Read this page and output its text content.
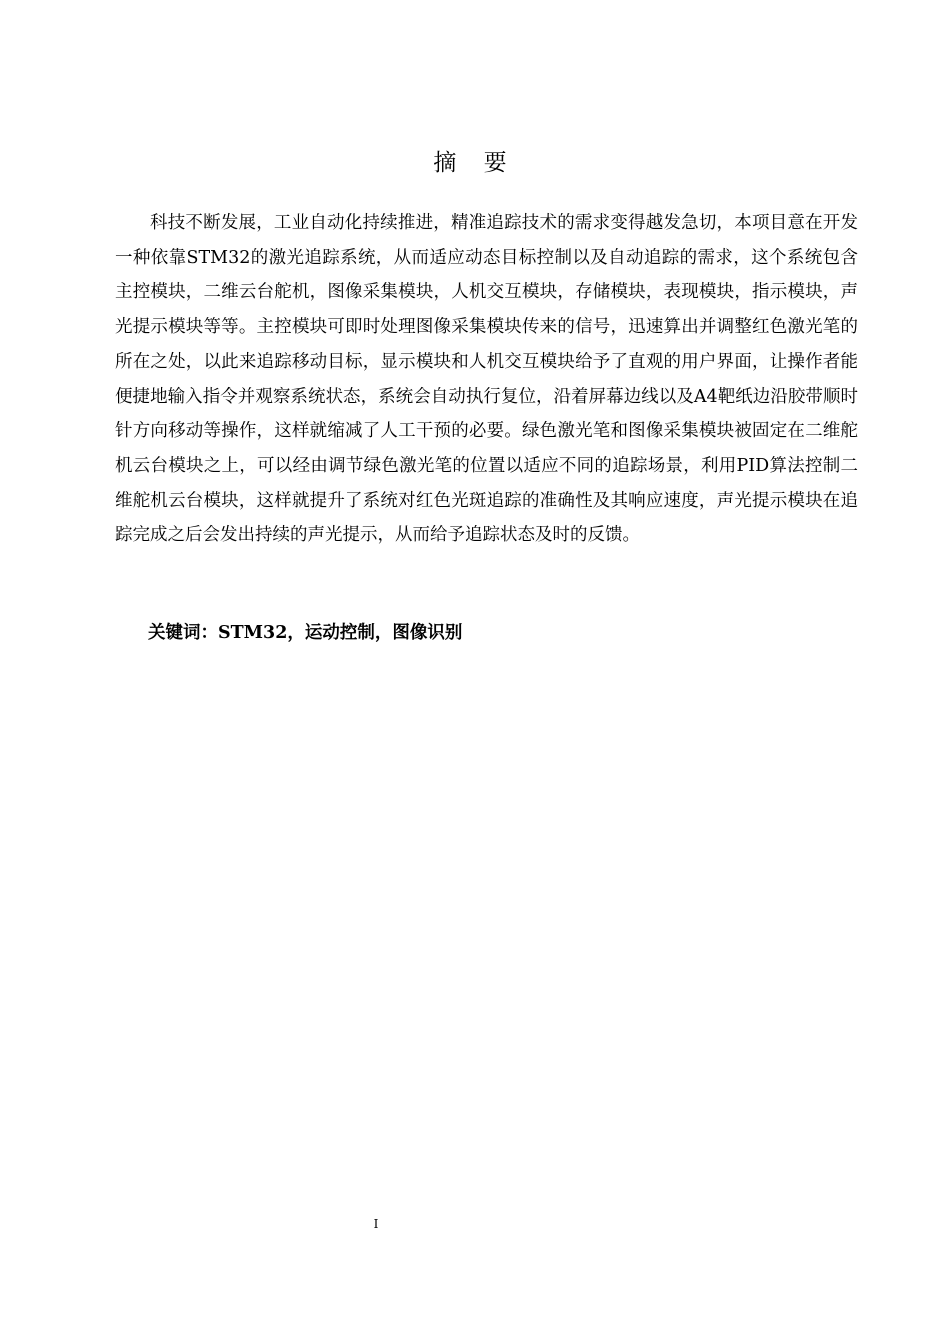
摘 要

科技不断发展，工业自动化持续推进，精准追踪技术的需求变得越发急切，本项目意在开发一种依靠STM32的激光追踪系统，从而适应动态目标控制以及自动追踪的需求，这个系统包含主控模块，二维云台舵机，图像采集模块，人机交互模块，存储模块，表现模块，指示模块，声光提示模块等等。主控模块可即时处理图像采集模块传来的信号，迅速算出并调整红色激光笔的所在之处，以此来追踪移动目标，显示模块和人机交互模块给予了直观的用户界面，让操作者能便捷地输入指令并观察系统状态，系统会自动执行复位，沿着屏幕边线以及A4靶纸边沿胶带顺时针方向移动等操作，这样就缩减了人工干预的必要。绿色激光笔和图像采集模块被固定在二维舵机云台模块之上，可以经由调节绿色激光笔的位置以适应不同的追踪场景，利用PID算法控制二维舵机云台模块，这样就提升了系统对红色光斑追踪的准确性及其响应速度，声光提示模块在追踪完成之后会发出持续的声光提示，从而给予追踪状态及时的反馈。

关键词：STM32，运动控制，图像识别
I
